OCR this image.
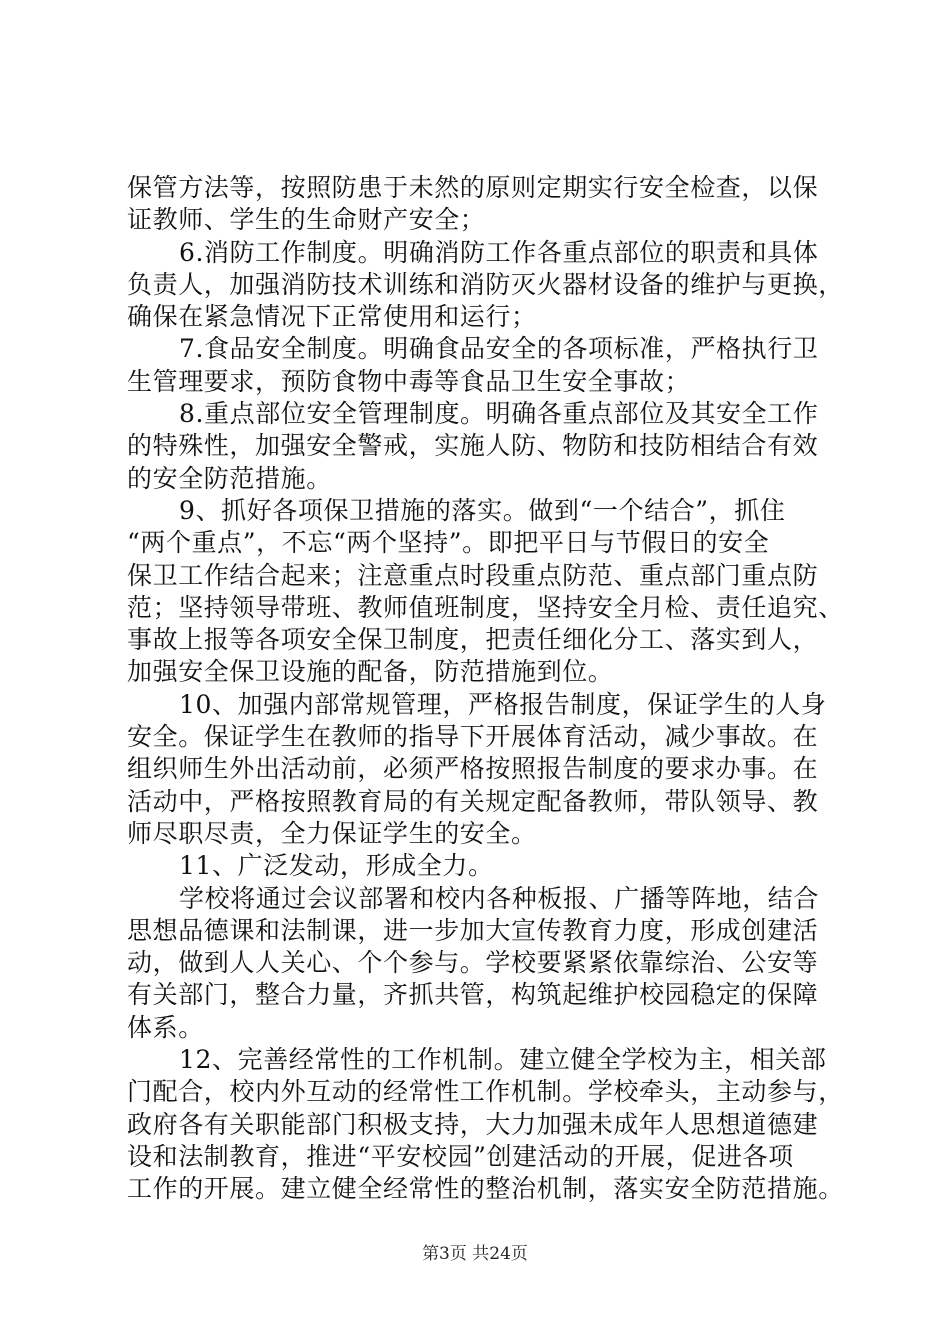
保管方法等，按照防患于未然的原则定期实行安全检查，以保
证教师、学生的生命财产安全；
6.消防工作制度。明确消防工作各重点部位的职责和具体
负责人，加强消防技术训练和消防灭火器材设备的维护与更换，
确保在紧急情况下正常使用和运行；
7.食品安全制度。明确食品安全的各项标准，严格执行卫
生管理要求，预防食物中毒等食品卫生安全事故；
8.重点部位安全管理制度。明确各重点部位及其安全工作
的特殊性，加强安全警戒，实施人防、物防和技防相结合有效
的安全防范措施。
9、抓好各项保卫措施的落实。做到“一个结合”，抓住
“两个重点”，不忘“两个坚持”。即把平日与节假日的安全
保卫工作结合起来；注意重点时段重点防范、重点部门重点防
范；坚持领导带班、教师值班制度，坚持安全月检、责任追究、
事故上报等各项安全保卫制度，把责任细化分工、落实到人，
加强安全保卫设施的配备，防范措施到位。
10、加强内部常规管理，严格报告制度，保证学生的人身
安全。保证学生在教师的指导下开展体育活动，减少事故。在
组织师生外出活动前，必须严格按照报告制度的要求办事。在
活动中，严格按照教育局的有关规定配备教师，带队领导、教
师尽职尽责，全力保证学生的安全。
11、广泛发动，形成全力。
学校将通过会议部署和校内各种板报、广播等阵地，结合
思想品德课和法制课，进一步加大宣传教育力度，形成创建活
动，做到人人关心、个个参与。学校要紧紧依靠综治、公安等
有关部门，整合力量，齐抓共管，构筑起维护校园稳定的保障
体系。
12、完善经常性的工作机制。建立健全学校为主，相关部
门配合，校内外互动的经常性工作机制。学校牵头，主动参与，
政府各有关职能部门积极支持，大力加强未成年人思想道德建
设和法制教育，推进“平安校园”创建活动的开展，促进各项
工作的开展。建立健全经常性的整治机制，落实安全防范措施。
第3页 共24页
